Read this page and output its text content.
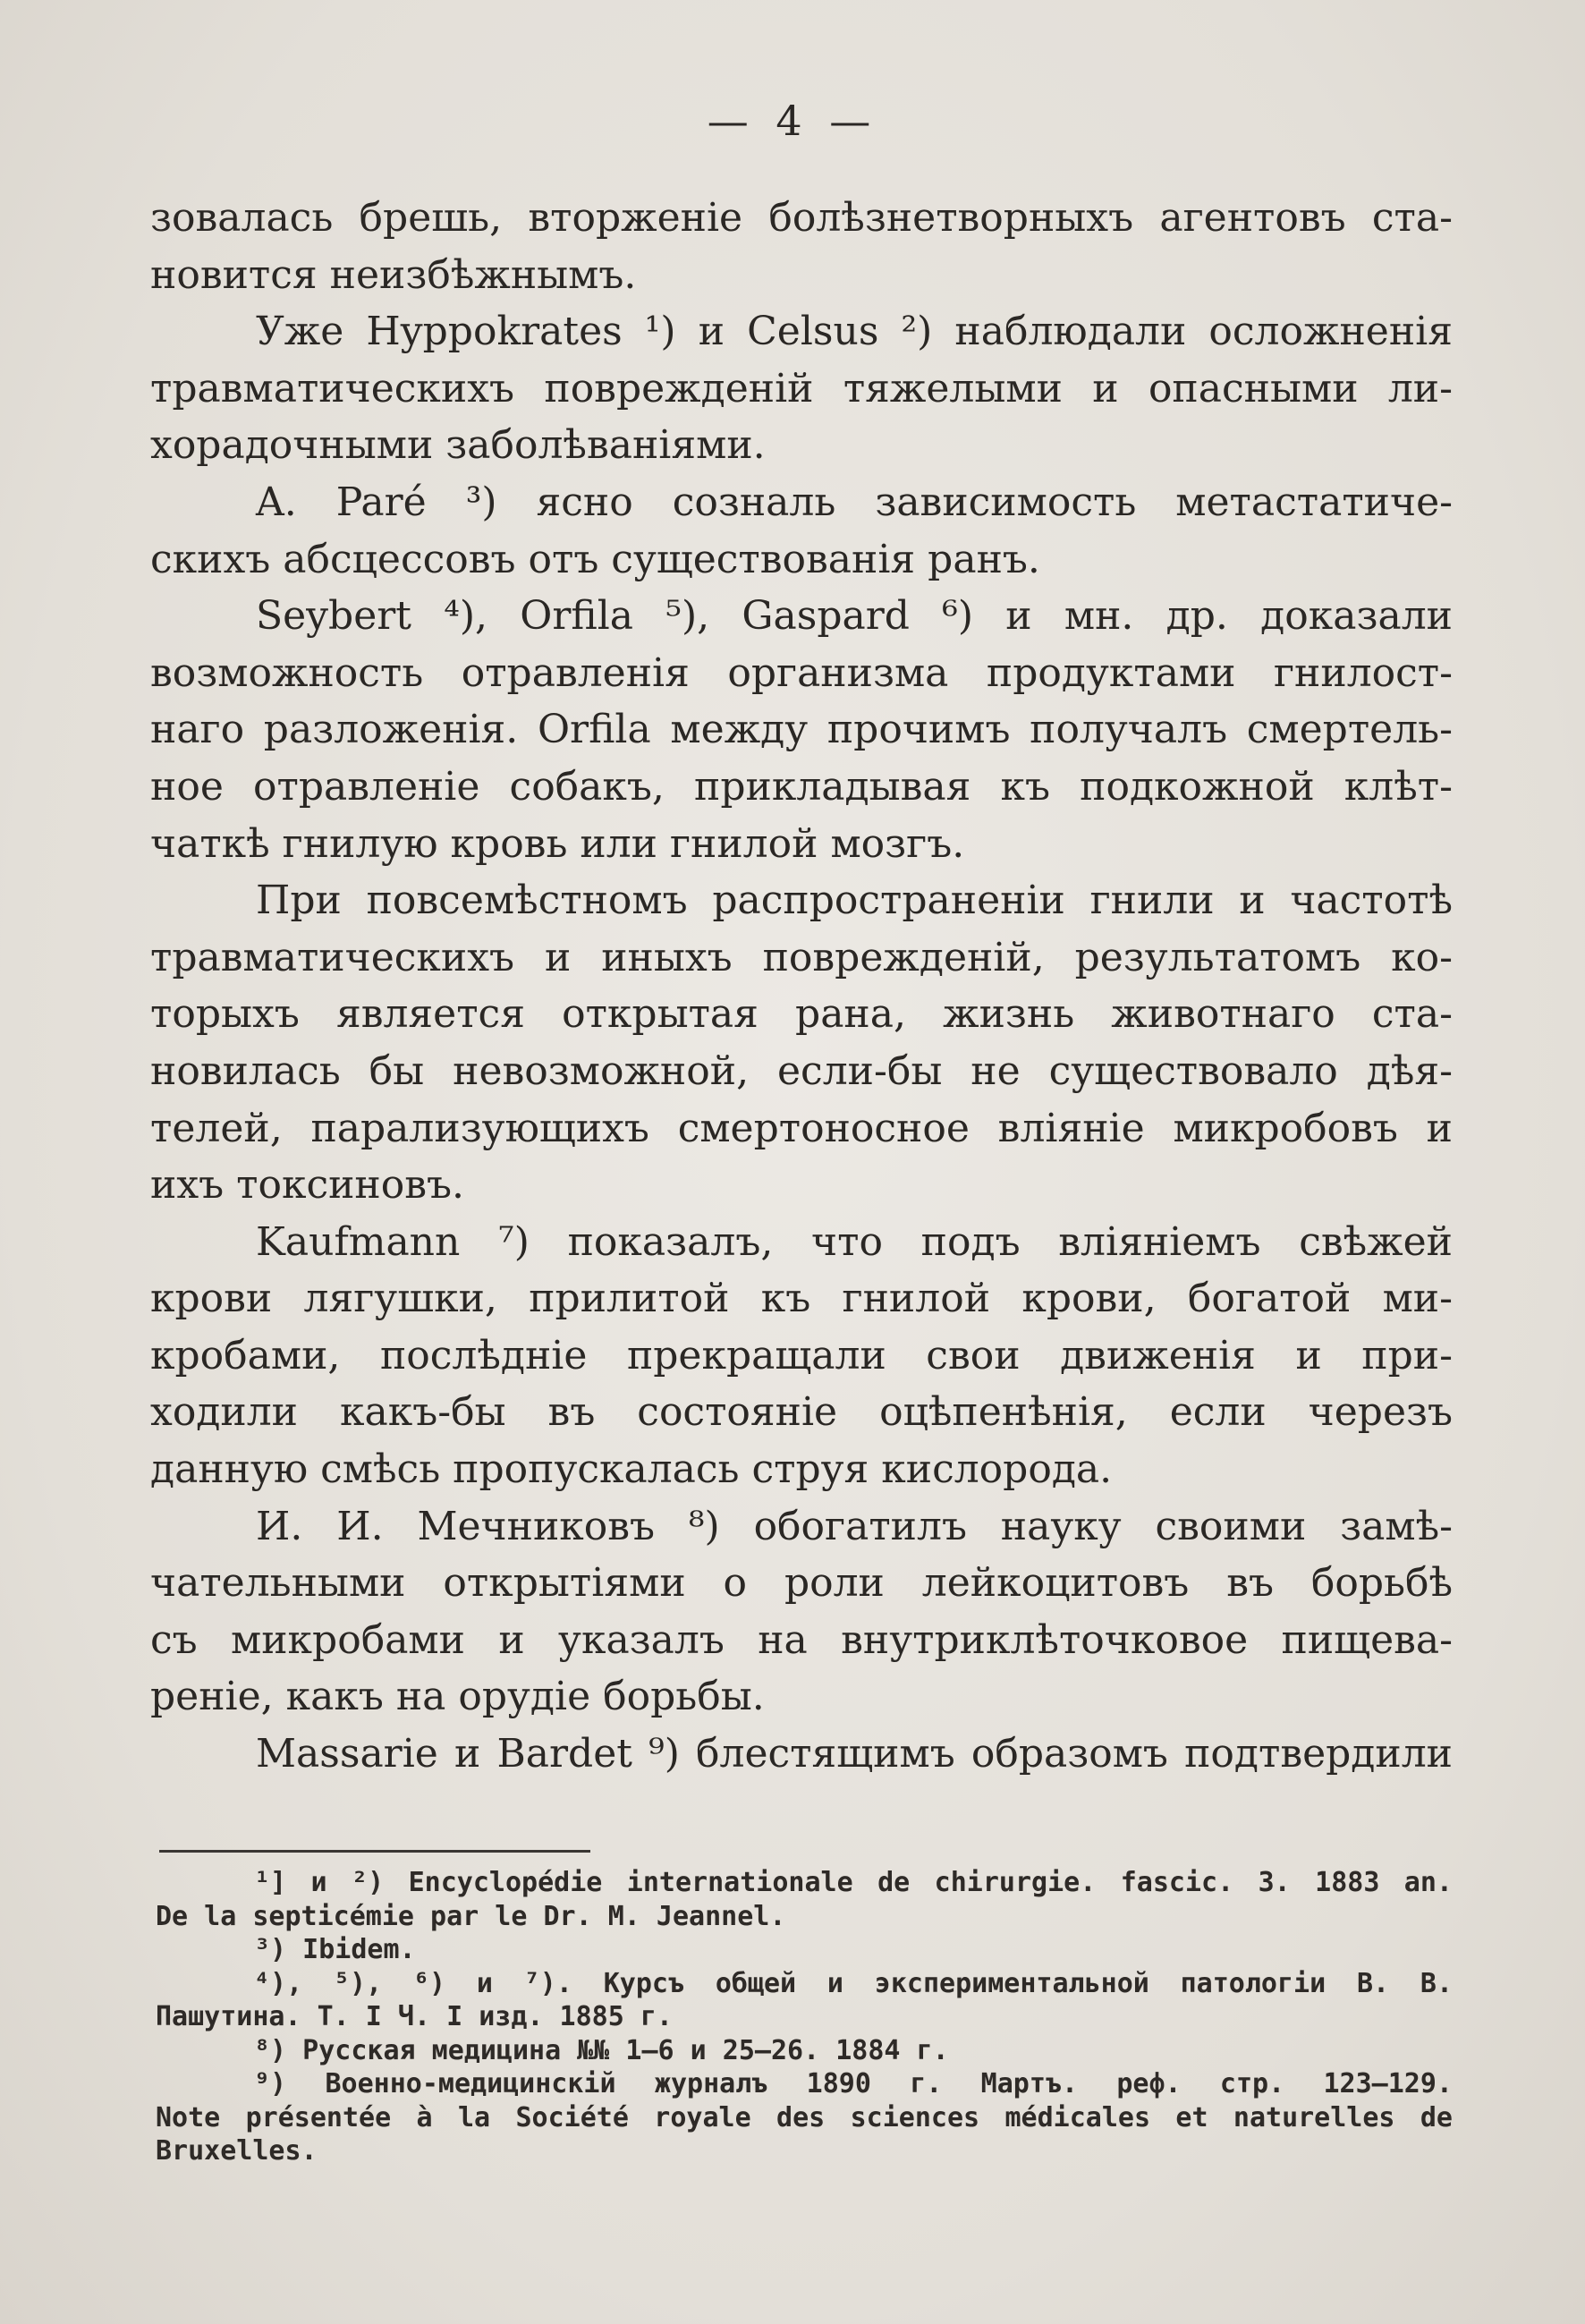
— 4 —

зовалась брешь, вторженіе болѣзнетворныхъ агентовъ ста-

новится неизбѣжнымъ.

Уже Hyppokrates ¹) и Celsus ²) наблюдали осложненія

травматическихъ поврежденій тяжелыми и опасными ли-

хорадочными заболѣваніями.

A. Paré ³) ясно созналь зависимость метастатиче-

скихъ абсцессовъ отъ существованія ранъ.

Seybert ⁴), Orfila ⁵), Gaspard ⁶) и мн. др. доказали

возможность отравленія организма продуктами гнилост-

наго разложенія. Orfila между прочимъ получалъ смертель-

ное отравленіе собакъ, прикладывая къ подкожной клѣт-

чаткѣ гнилую кровь или гнилой мозгъ.

При повсемѣстномъ распространеніи гнили и частотѣ

травматическихъ и иныхъ поврежденій, результатомъ ко-

торыхъ является открытая рана, жизнь животнаго ста-

новилась бы невозможной, если-бы не существовало дѣя-

телей, парализующихъ смертоносное вліяніе микробовъ и

ихъ токсиновъ.

Kaufmann ⁷) показалъ, что подъ вліяніемъ свѣжей

крови лягушки, прилитой къ гнилой крови, богатой ми-

кробами, послѣдніе прекращали свои движенія и при-

ходили какъ-бы въ состояніе оцѣпенѣнія, если черезъ

данную смѣсь пропускалась струя кислорода.

И. И. Мечниковъ ⁸) обогатилъ науку своими замѣ-

чательными открытіями о роли лейкоцитовъ въ борьбѣ

съ микробами и указалъ на внутриклѣточковое пищева-

реніе, какъ на орудіе борьбы.

Massarie и Bardet ⁹) блестящимъ образомъ подтвердили

¹] и ²) Encyclopédie internationale de chirurgie. fascic. 3. 1883 an.

De la septicémie par le Dr. M. Jeannel.

³) Ibidem.

⁴), ⁵), ⁶) и ⁷). Курсъ общей и экспериментальной патологіи В. В.

Пашутина. Т. I Ч. I изд. 1885 г.

⁸) Русская медицина №№ 1—6 и 25—26. 1884 г.

⁹) Военно-медицинскій журналъ 1890 г. Мартъ. реф. стр. 123—129.

Note présentée à la Société royale des sciences médicales et naturelles de

Bruxelles.
